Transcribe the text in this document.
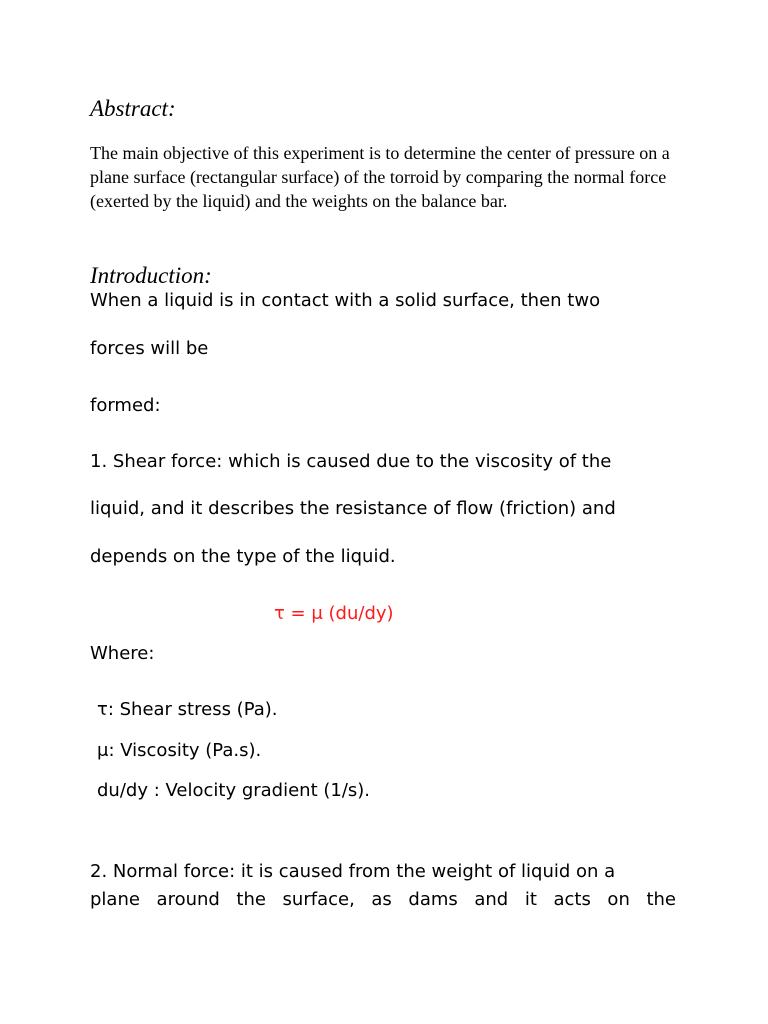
Abstract:

The main objective of this experiment is to determine the center of pressure on a plane surface (rectangular surface) of the torroid by comparing the normal force (exerted by the liquid) and the weights on the balance bar.

Introduction:

When a liquid is in contact with a solid surface, then two

forces will be

formed:

1. Shear force: which is caused due to the viscosity of the

liquid, and it describes the resistance of flow (friction) and

depends on the type of the liquid.

τ = μ (du/dy)

Where:

τ: Shear stress (Pa).

μ: Viscosity (Pa.s).

du/dy : Velocity gradient (1/s).

2. Normal force: it is caused from the weight of liquid on a

plane around the surface, as dams and it acts on the
